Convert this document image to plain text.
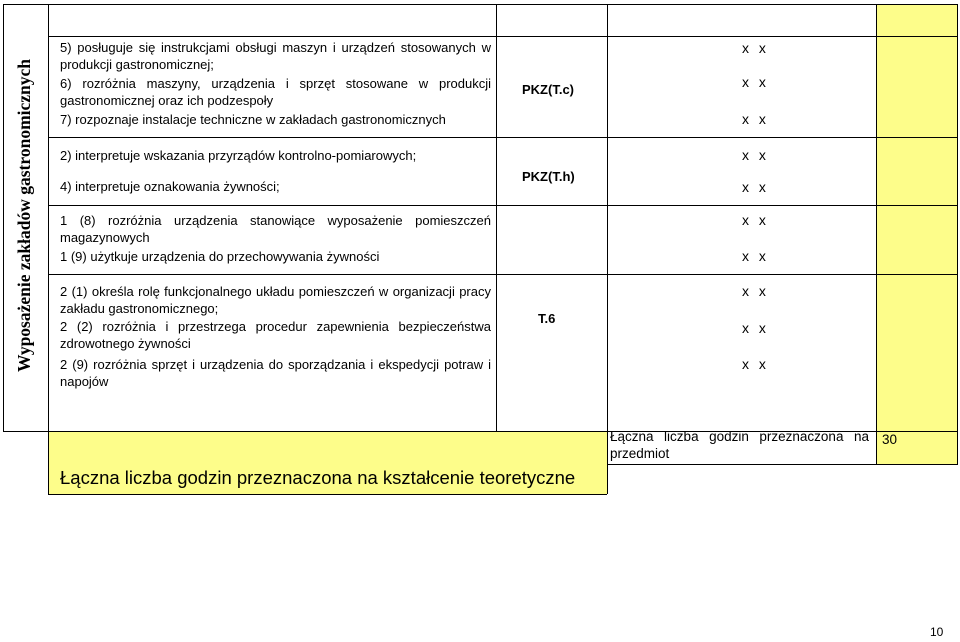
Wyposażenie zakładów gastronomicznych
5) posługuje się instrukcjami obsługi maszyn i urządzeń stosowanych w produkcji gastronomicznej;
6) rozróżnia maszyny, urządzenia i sprzęt stosowane w produkcji gastronomicznej oraz ich podzespoły
7) rozpoznaje instalacje techniczne w zakładach gastronomicznych
PKZ(T.c)
x x
x x
x x
2) interpretuje wskazania przyrządów kontrolno-pomiarowych;
4) interpretuje oznakowania żywności;
PKZ(T.h)
x x
x x
1 (8) rozróżnia urządzenia stanowiące wyposażenie pomieszczeń magazynowych
1 (9) użytkuje urządzenia do przechowywania żywności
x x
x x
2 (1) określa rolę funkcjonalnego układu pomieszczeń w organizacji pracy zakładu gastronomicznego;
2 (2) rozróżnia i przestrzega procedur zapewnienia bezpieczeństwa zdrowotnego żywności
2 (9) rozróżnia sprzęt i urządzenia do sporządzania i ekspedycji potraw i napojów
T.6
x x
x x
x x
Łączna liczba godzin przeznaczona na kształcenie teoretyczne
Łączna liczba godzin przeznaczona na przedmiot
30
10
